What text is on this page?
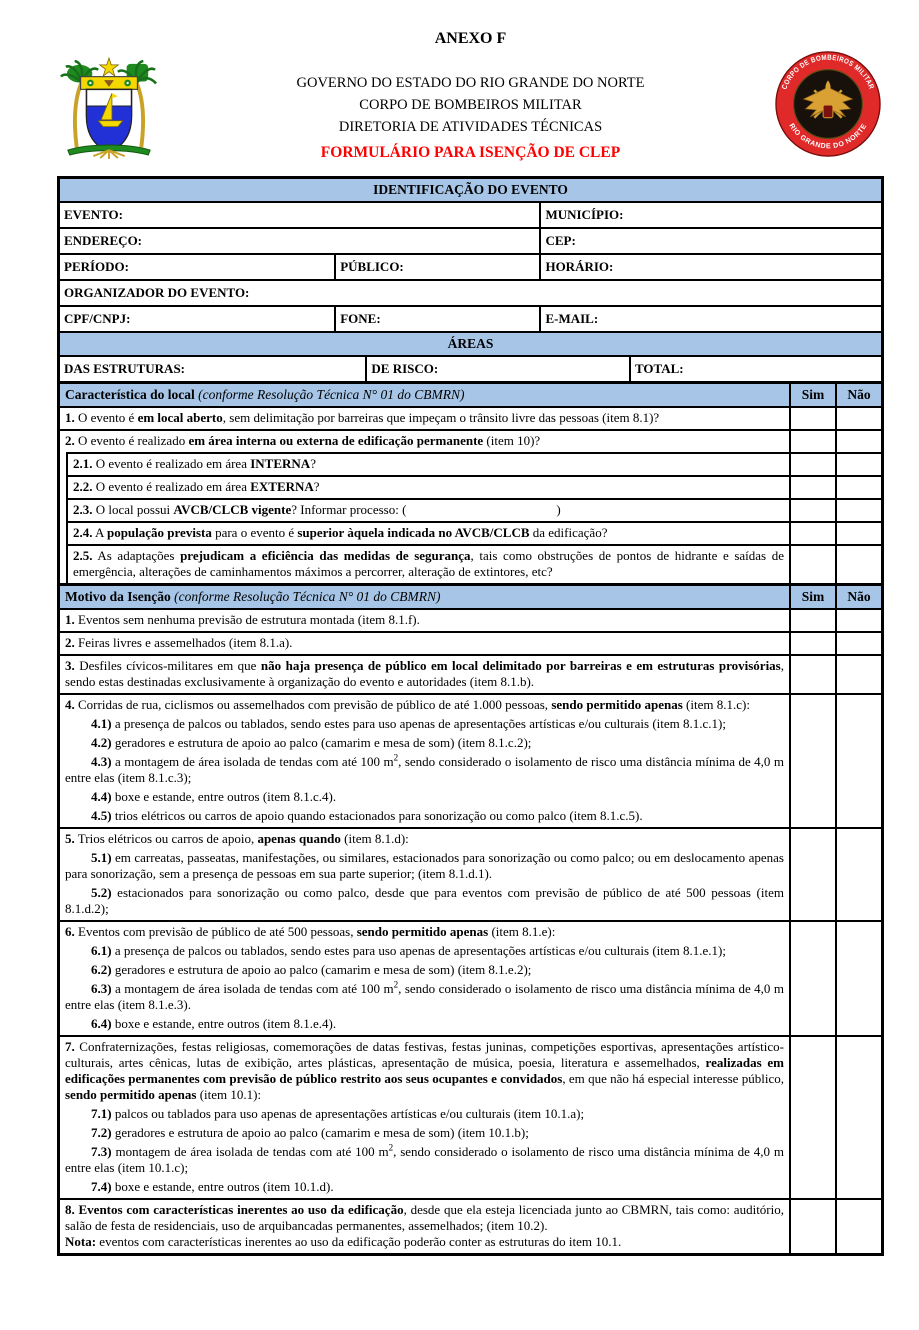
ANEXO F
GOVERNO DO ESTADO DO RIO GRANDE DO NORTE
CORPO DE BOMBEIROS MILITAR
DIRETORIA DE ATIVIDADES TÉCNICAS
FORMULÁRIO PARA ISENÇÃO DE CLEP
CORPO DE BOMBEIROS MILITAR
RIO GRANDE DO NORTE
IDENTIFICAÇÃO DO EVENTO
EVENTO:	MUNICÍPIO:
ENDEREÇO:	CEP:
PERÍODO:	PÚBLICO:	HORÁRIO:
ORGANIZADOR DO EVENTO:
CPF/CNPJ:	FONE:	E-MAIL:
ÁREAS
DAS ESTRUTURAS:	DE RISCO:	TOTAL:
Característica do local (conforme Resolução Técnica N° 01 do CBMRN)	Sim	Não

1. O evento é em local aberto, sem delimitação por barreiras que impeçam o trânsito livre das pessoas (item 8.1)?

2. O evento é realizado em área interna ou externa de edificação permanente (item 10)?

2.1. O evento é realizado em área INTERNA?

2.2. O evento é realizado em área EXTERNA?

2.3. O local possui AVCB/CLCB vigente? Informar processo: (	)

2.4. A população prevista para o evento é superior àquela indicada no AVCB/CLCB da edificação?

2.5. As adaptações prejudicam a eficiência das medidas de segurança, tais como obstruções de pontos de hidrante e saídas de emergência, alterações de caminhamentos máximos a percorrer, alteração de extintores, etc?

Motivo da Isenção (conforme Resolução Técnica N° 01 do CBMRN)	Sim	Não

1. Eventos sem nenhuma previsão de estrutura montada (item 8.1.f).

2. Feiras livres e assemelhados (item 8.1.a).

3. Desfiles cívicos-militares em que não haja presença de público em local delimitado por barreiras e em estruturas provisórias, sendo estas destinadas exclusivamente à organização do evento e autoridades (item 8.1.b).

4. Corridas de rua, ciclismos ou assemelhados com previsão de público de até 1.000 pessoas, sendo permitido apenas (item 8.1.c):

4.1) a presença de palcos ou tablados, sendo estes para uso apenas de apresentações artísticas e/ou culturais (item 8.1.c.1);

4.2) geradores e estrutura de apoio ao palco (camarim e mesa de som) (item 8.1.c.2);

4.3) a montagem de área isolada de tendas com até 100 $m^2$, sendo considerado o isolamento de risco uma distância mínima de 4,0 m entre elas (item 8.1.c.3);

4.4) boxe e estande, entre outros (item 8.1.c.4).

4.5) trios elétricos ou carros de apoio quando estacionados para sonorização ou como palco (item 8.1.c.5).

5. Trios elétricos ou carros de apoio, apenas quando (item 8.1.d):

5.1) em carreatas, passeatas, manifestações, ou similares, estacionados para sonorização ou como palco; ou em deslocamento apenas para sonorização, sem a presença de pessoas em sua parte superior; (item 8.1.d.1).

5.2) estacionados para sonorização ou como palco, desde que para eventos com previsão de público de até 500 pessoas (item 8.1.d.2);

6. Eventos com previsão de público de até 500 pessoas, sendo permitido apenas (item 8.1.e):

6.1) a presença de palcos ou tablados, sendo estes para uso apenas de apresentações artísticas e/ou culturais (item 8.1.e.1);

6.2) geradores e estrutura de apoio ao palco (camarim e mesa de som) (item 8.1.e.2);

6.3) a montagem de área isolada de tendas com até 100 $m^2$, sendo considerado o isolamento de risco uma distância mínima de 4,0 m entre elas (item 8.1.e.3).

6.4) boxe e estande, entre outros (item 8.1.e.4).

7. Confraternizações, festas religiosas, comemorações de datas festivas, festas juninas, competições esportivas, apresentações artístico-culturais, artes cênicas, lutas de exibição, artes plásticas, apresentação de música, poesia, literatura e assemelhados, realizadas em edificações permanentes com previsão de público restrito aos seus ocupantes e convidados, em que não há especial interesse público, sendo permitido apenas (item 10.1):

7.1) palcos ou tablados para uso apenas de apresentações artísticas e/ou culturais (item 10.1.a);

7.2) geradores e estrutura de apoio ao palco (camarim e mesa de som) (item 10.1.b);

7.3) montagem de área isolada de tendas com até 100 $m^2$, sendo considerado o isolamento de risco uma distância mínima de 4,0 m entre elas (item 10.1.c);

7.4) boxe e estande, entre outros (item 10.1.d).

8. Eventos com características inerentes ao uso da edificação, desde que ela esteja licenciada junto ao CBMRN, tais como: auditório, salão de festa de residenciais, uso de arquibancadas permanentes, assemelhados; (item 10.2).

Nota: eventos com características inerentes ao uso da edificação poderão conter as estruturas do item 10.1.
